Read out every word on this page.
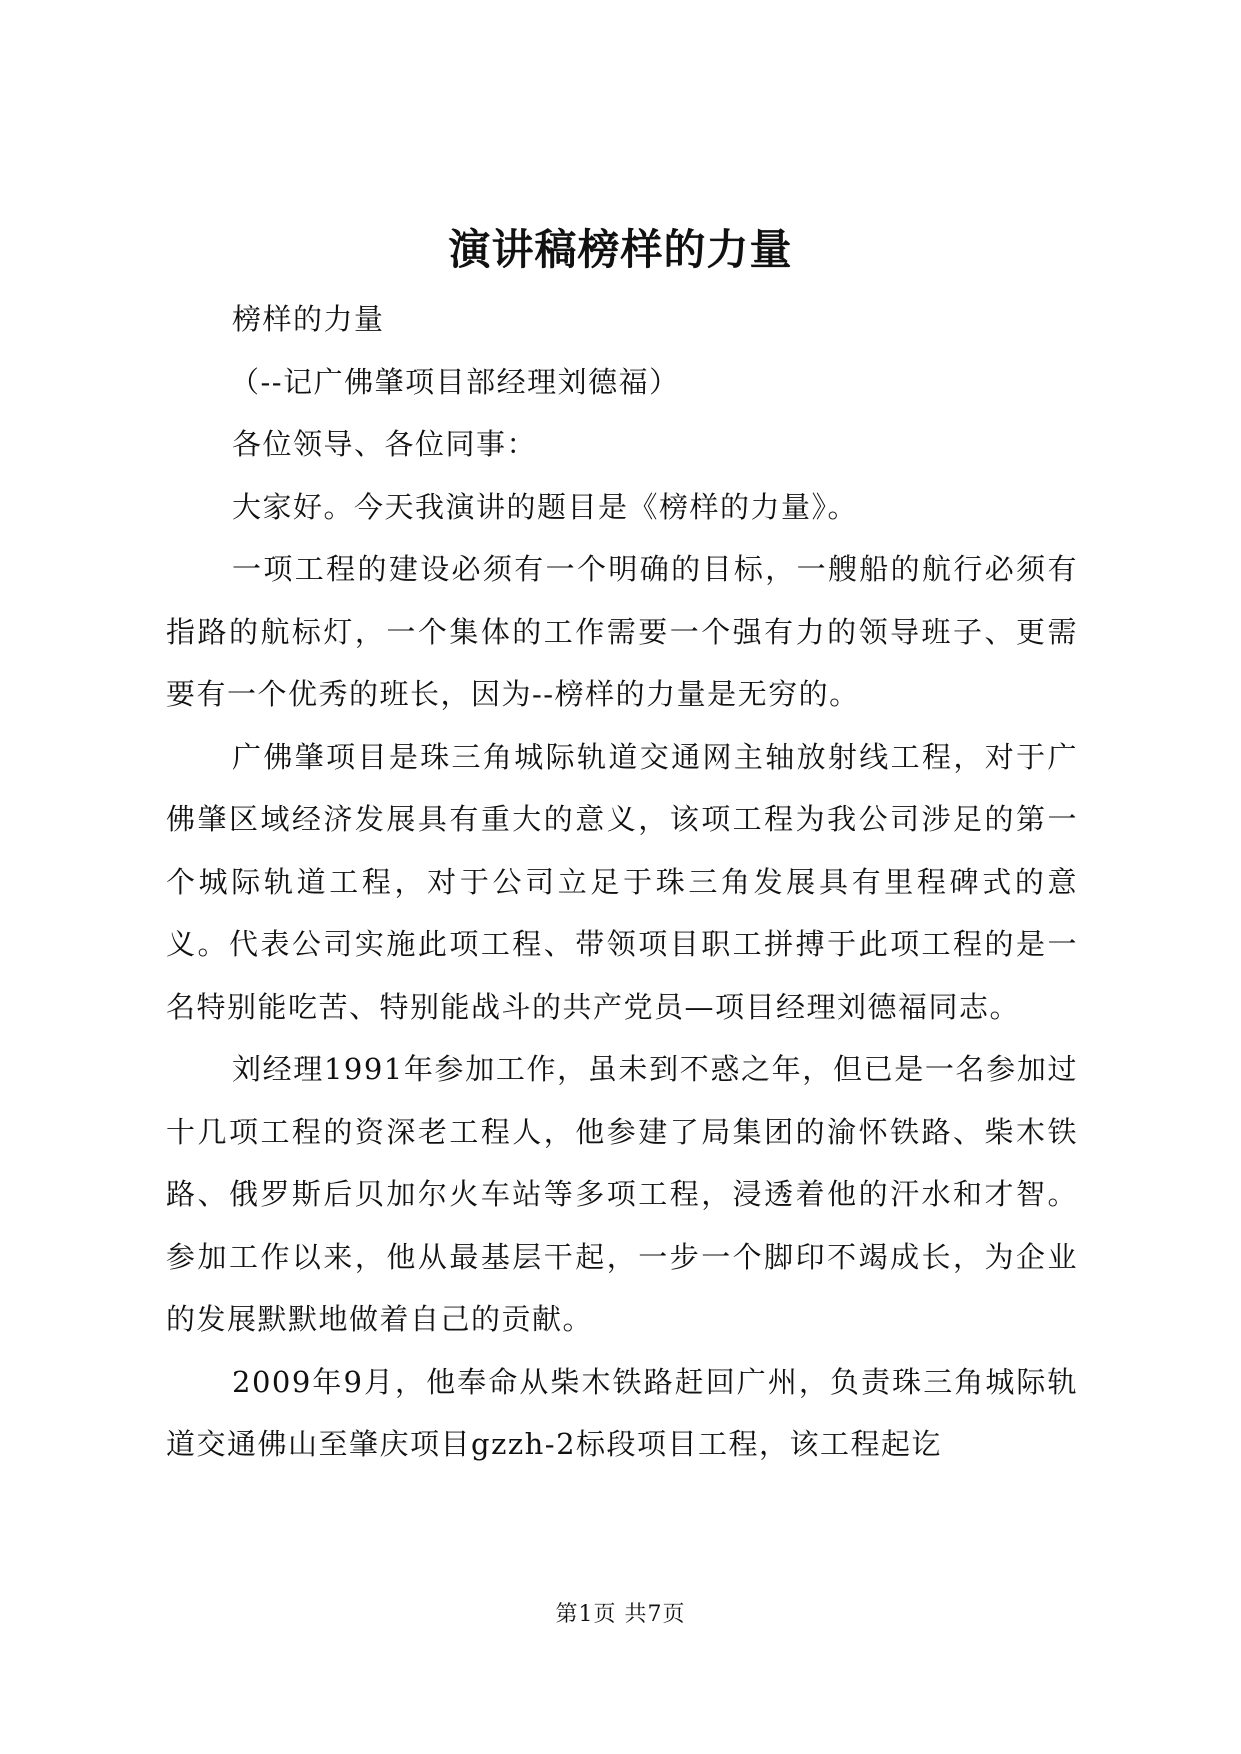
演讲稿榜样的力量

榜样的力量

（--记广佛肇项目部经理刘德福）

各位领导、各位同事：

大家好。今天我演讲的题目是《榜样的力量》。

一项工程的建设必须有一个明确的目标，一艘船的航行必须有指路的航标灯，一个集体的工作需要一个强有力的领导班子、更需要有一个优秀的班长，因为--榜样的力量是无穷的。

广佛肇项目是珠三角城际轨道交通网主轴放射线工程，对于广佛肇区域经济发展具有重大的意义，该项工程为我公司涉足的第一个城际轨道工程，对于公司立足于珠三角发展具有里程碑式的意义。代表公司实施此项工程、带领项目职工拼搏于此项工程的是一名特别能吃苦、特别能战斗的共产党员—项目经理刘德福同志。

刘经理1991年参加工作，虽未到不惑之年，但已是一名参加过十几项工程的资深老工程人，他参建了局集团的渝怀铁路、柴木铁路、俄罗斯后贝加尔火车站等多项工程，浸透着他的汗水和才智。参加工作以来，他从最基层干起，一步一个脚印不竭成长，为企业的发展默默地做着自己的贡献。

2009年9月，他奉命从柴木铁路赶回广州，负责珠三角城际轨道交通佛山至肇庆项目gzzh-2标段项目工程，该工程起讫

第1页 共7页
